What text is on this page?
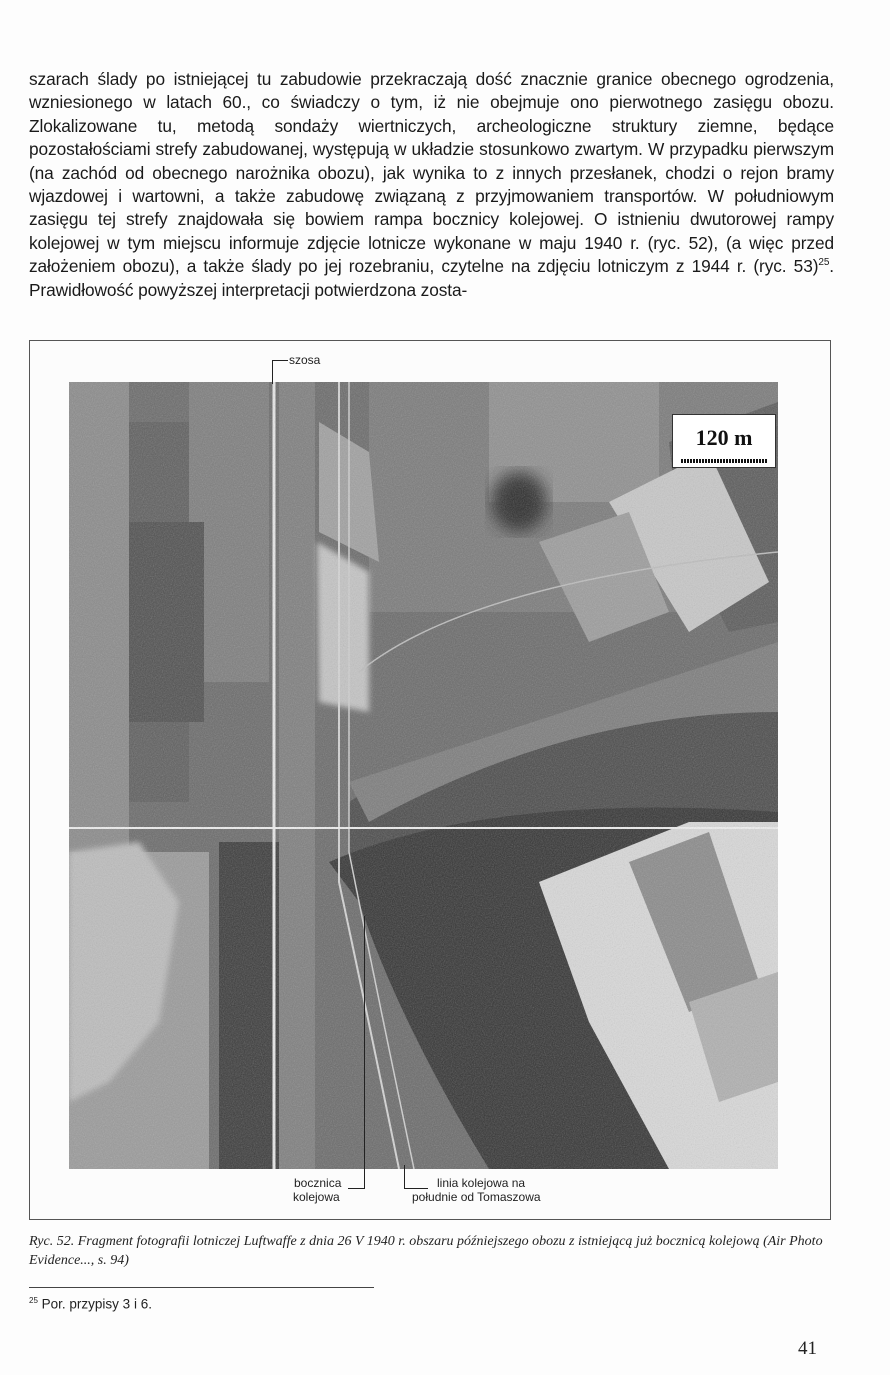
szarach ślady po istniejącej tu zabudowie przekraczają dość znacznie granice obecnego ogrodzenia, wzniesionego w latach 60., co świadczy o tym, iż nie obejmuje ono pierwotnego zasięgu obozu. Zlokalizowane tu, metodą sondaży wiertniczych, archeologiczne struktury ziemne, będące pozostałościami strefy zabudowanej, występują w układzie stosunkowo zwartym. W przypadku pierwszym (na zachód od obecnego narożnika obozu), jak wynika to z innych przesłanek, chodzi o rejon bramy wjazdowej i wartowni, a także zabudowę związaną z przyjmowaniem transportów. W południowym zasięgu tej strefy znajdowała się bowiem rampa bocznicy kolejowej. O istnieniu dwutorowej rampy kolejowej w tym miejscu informuje zdjęcie lotnicze wykonane w maju 1940 r. (ryc. 52), (a więc przed założeniem obozu), a także ślady po jej rozebraniu, czytelne na zdjęciu lotniczym z 1944 r. (ryc. 53)$^{25}$. Prawidłowość powyższej interpretacji potwierdzona zosta-

szosa
120 m
bocznica
kolejowa
linia kolejowa na
południe od Tomaszowa
Ryc. 52. Fragment fotografii lotniczej Luftwaffe z dnia 26 V 1940 r. obszaru późniejszego obozu z istniejącą już bocznicą kolejową (Air Photo Evidence..., s. 94)
$^{25}$ Por. przypisy 3 i 6.
41
